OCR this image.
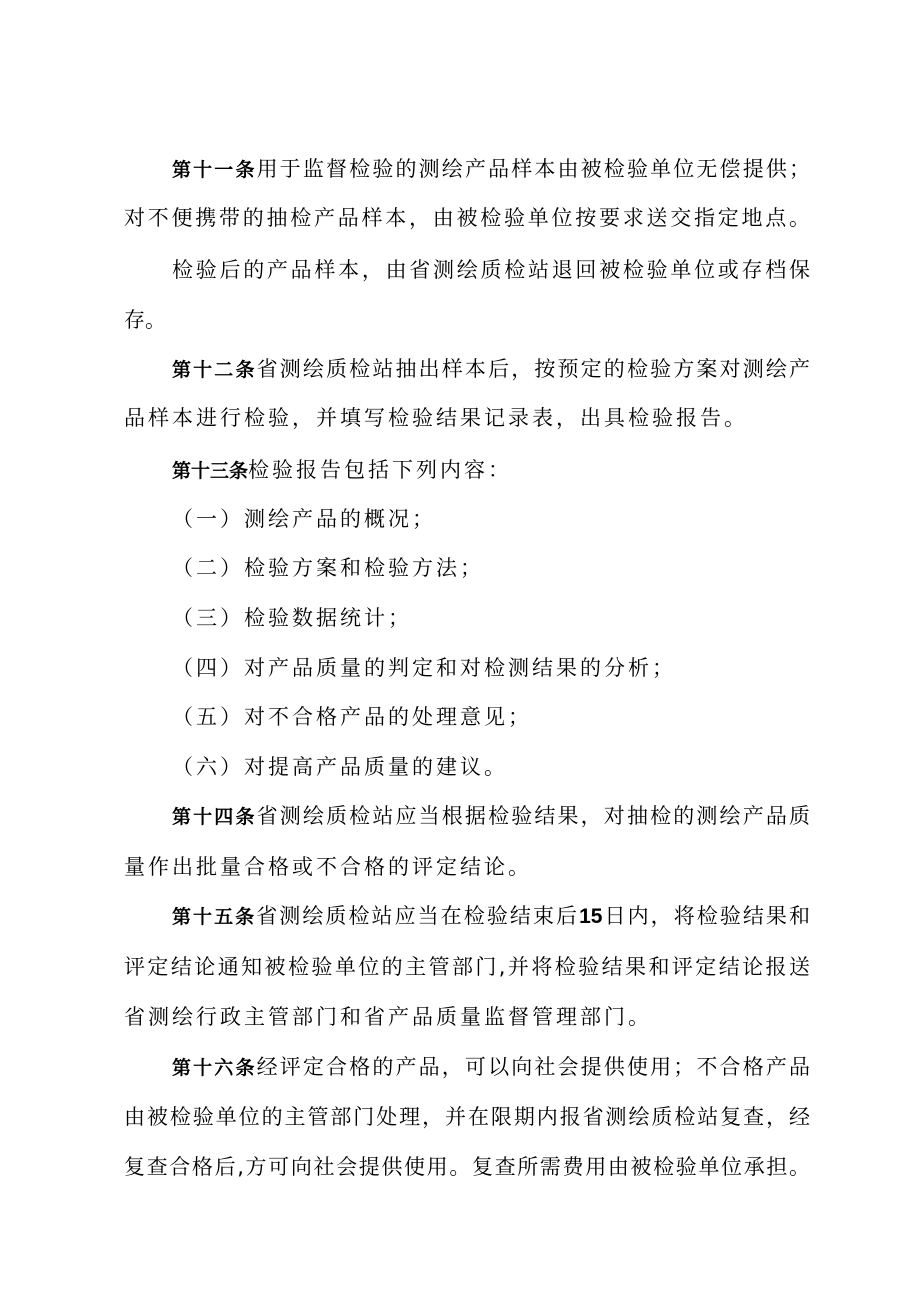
第十一条用于监督检验的测绘产品样本由被检验单位无偿提供；
对不便携带的抽检产品样本，由被检验单位按要求送交指定地点。
检验后的产品样本，由省测绘质检站退回被检验单位或存档保
存。
第十二条省测绘质检站抽出样本后，按预定的检验方案对测绘产
品样本进行检验，并填写检验结果记录表，出具检验报告。
第十三条检验报告包括下列内容：
（一）测绘产品的概况；
（二）检验方案和检验方法；
（三）检验数据统计；
（四）对产品质量的判定和对检测结果的分析；
（五）对不合格产品的处理意见；
（六）对提高产品质量的建议。
第十四条省测绘质检站应当根据检验结果，对抽检的测绘产品质
量作出批量合格或不合格的评定结论。
第十五条省测绘质检站应当在检验结束后15日内，将检验结果和
评定结论通知被检验单位的主管部门,并将检验结果和评定结论报送
省测绘行政主管部门和省产品质量监督管理部门。
第十六条经评定合格的产品，可以向社会提供使用；不合格产品
由被检验单位的主管部门处理，并在限期内报省测绘质检站复查，经
复查合格后,方可向社会提供使用。复查所需费用由被检验单位承担。
